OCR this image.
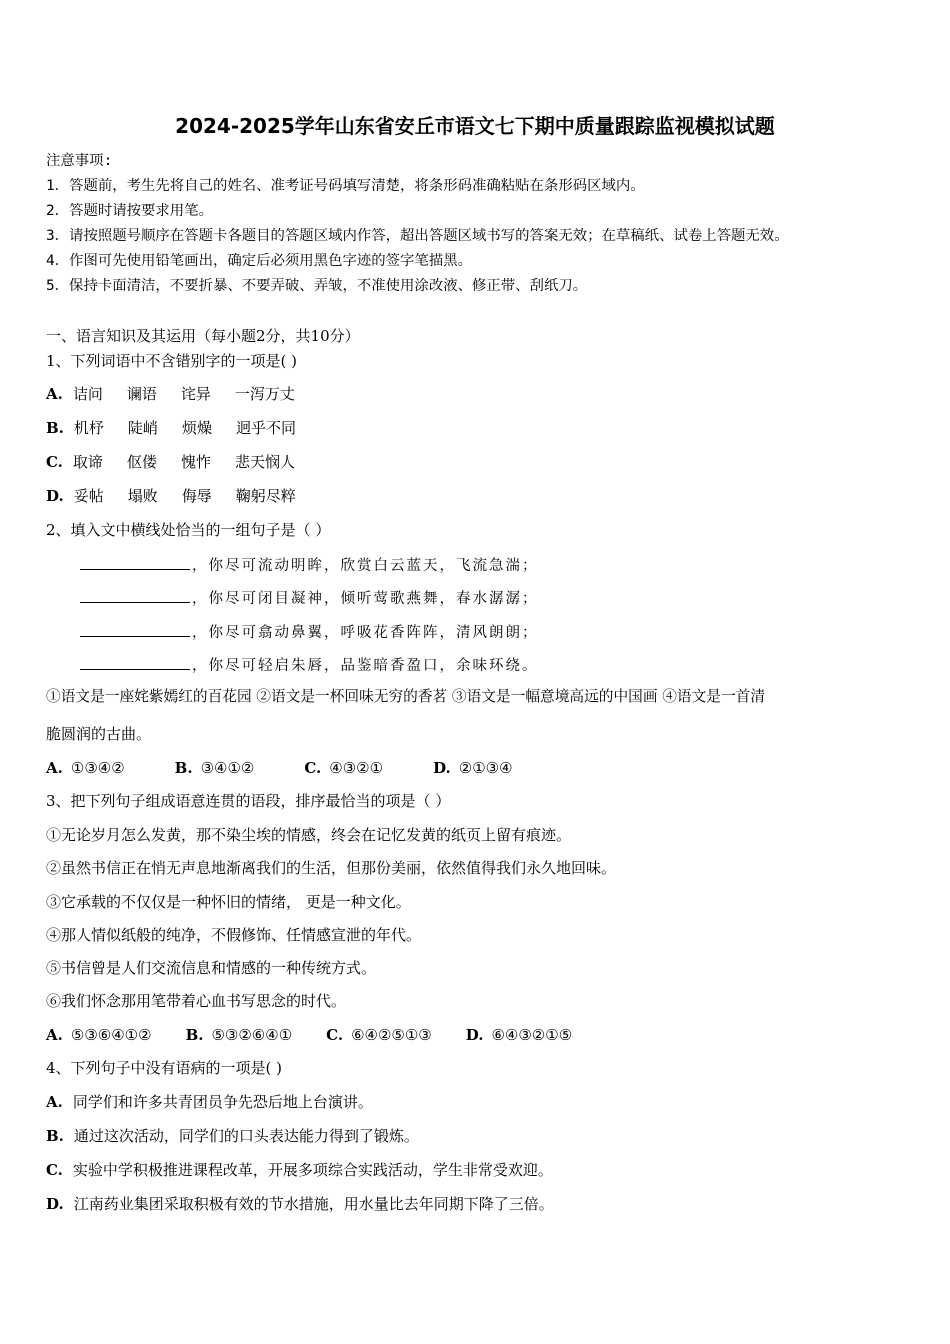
2024-2025学年山东省安丘市语文七下期中质量跟踪监视模拟试题
注意事项:
1．答题前，考生先将自己的姓名、准考证号码填写清楚，将条形码准确粘贴在条形码区域内。
2．答题时请按要求用笔。
3．请按照题号顺序在答题卡各题目的答题区域内作答，超出答题区域书写的答案无效；在草稿纸、试卷上答题无效。
4．作图可先使用铅笔画出，确定后必须用黑色字迹的签字笔描黑。
5．保持卡面清洁，不要折暴、不要弄破、弄皱，不准使用涂改液、修正带、刮纸刀。
一、语言知识及其运用（每小题2分，共10分）
1、下列词语中不含错别字的一项是( )
A. 诘问 谰语 诧异 一泻万丈
B. 机杼 陡峭 烦燥 迥乎不同
C. 取谛 伛偻 愧怍 悲天悯人
D. 妥帖 塌败 侮辱 鞠躬尽粹
2、填入文中横线处恰当的一组句子是（ ）
，你尽可流动明眸，欣赏白云蓝天，飞流急湍；
，你尽可闭目凝神，倾听莺歌燕舞，春水潺潺；
，你尽可翕动鼻翼，呼吸花香阵阵，清风朗朗；
，你尽可轻启朱唇，品鉴暗香盈口，余味环绕。
①语文是一座姹紫嫣红的百花园 ②语文是一杯回味无穷的香茗 ③语文是一幅意境高远的中国画 ④语文是一首清
脆圆润的古曲。
A. ①③④②	B. ③④①②	C. ④③②①	D. ②①③④
3、把下列句子组成语意连贯的语段，排序最恰当的项是（ ）
①无论岁月怎么发黄，那不染尘埃的情感，终会在记忆发黄的纸页上留有痕迹。
②虽然书信正在悄无声息地渐离我们的生活，但那份美丽，依然值得我们永久地回味。
③它承载的不仅仅是一种怀旧的情绪， 更是一种文化。
④那人情似纸般的纯净，不假修饰、任情感宣泄的年代。
⑤书信曾是人们交流信息和情感的一种传统方式。
⑥我们怀念那用笔带着心血书写思念的时代。
A. ⑤③⑥④①② B. ⑤③②⑥④① C. ⑥④②⑤①③ D. ⑥④③②①⑤
4、下列句子中没有语病的一项是( )
A. 同学们和许多共青团员争先恐后地上台演讲。
B. 通过这次活动，同学们的口头表达能力得到了锻炼。
C. 实验中学积极推进课程改革，开展多项综合实践活动，学生非常受欢迎。
D. 江南药业集团采取积极有效的节水措施，用水量比去年同期下降了三倍。
